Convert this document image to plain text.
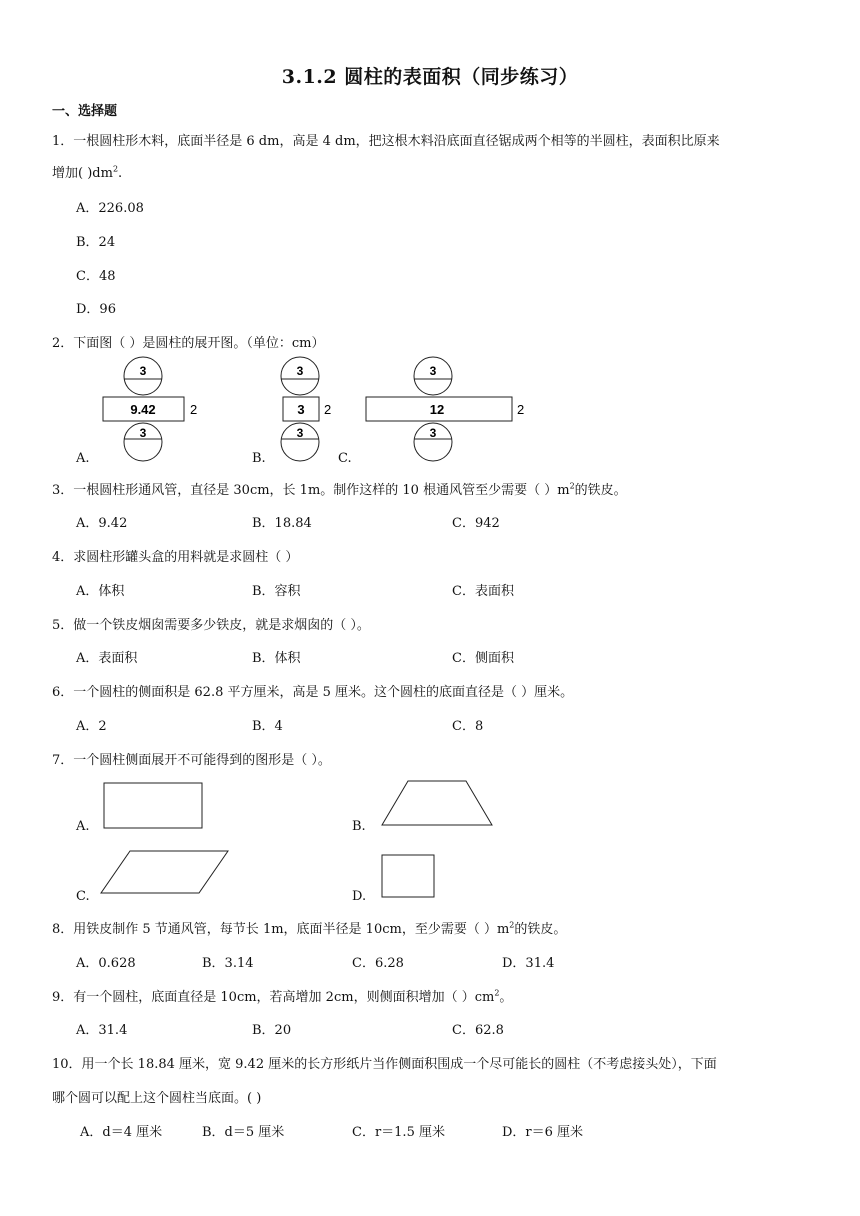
3.1.2 圆柱的表面积（同步练习）
一、选择题
1．一根圆柱形木料，底面半径是 6 dm，高是 4 dm，把这根木料沿底面直径锯成两个相等的半圆柱，表面积比原来
增加( )$dm^2$.
A．226.08
B．24
C．48
D．96
2．下面图（ ）是圆柱的展开图。（单位：cm）
3
9.42	2
3
3
3 2
3
3
12	2
3
A.	B.	C.
3．一根圆柱形通风管，直径是 30cm，长 1m。制作这样的 10 根通风管至少需要（ ）$m^2$的铁皮。
A．9.42	B．18.84	C．942
4．求圆柱形罐头盒的用料就是求圆柱（ ）
A．体积	B．容积	C．表面积
5．做一个铁皮烟囱需要多少铁皮，就是求烟囱的（ ）。
A．表面积	B．体积	C．侧面积
6．一个圆柱的侧面积是 62.8 平方厘米，高是 5 厘米。这个圆柱的底面直径是（ ）厘米。
A．2	B．4	C．8
7．一个圆柱侧面展开不可能得到的图形是（ ）。
A.	B.
C.	D.
8．用铁皮制作 5 节通风管，每节长 1m，底面半径是 10cm，至少需要（ ）$m^2$的铁皮。
A．0.628	B．3.14	C．6.28	D．31.4
9．有一个圆柱，底面直径是 10cm，若高增加 2cm，则侧面积增加（ ）$cm^2$。
A．31.4	B．20	C．62.8
10．用一个长 18.84 厘米，宽 9.42 厘米的长方形纸片当作侧面积围成一个尽可能长的圆柱（不考虑接头处），下面
哪个圆可以配上这个圆柱当底面。( )
A．d＝4 厘米	B．d＝5 厘米	C．r＝1.5 厘米	D．r＝6 厘米
